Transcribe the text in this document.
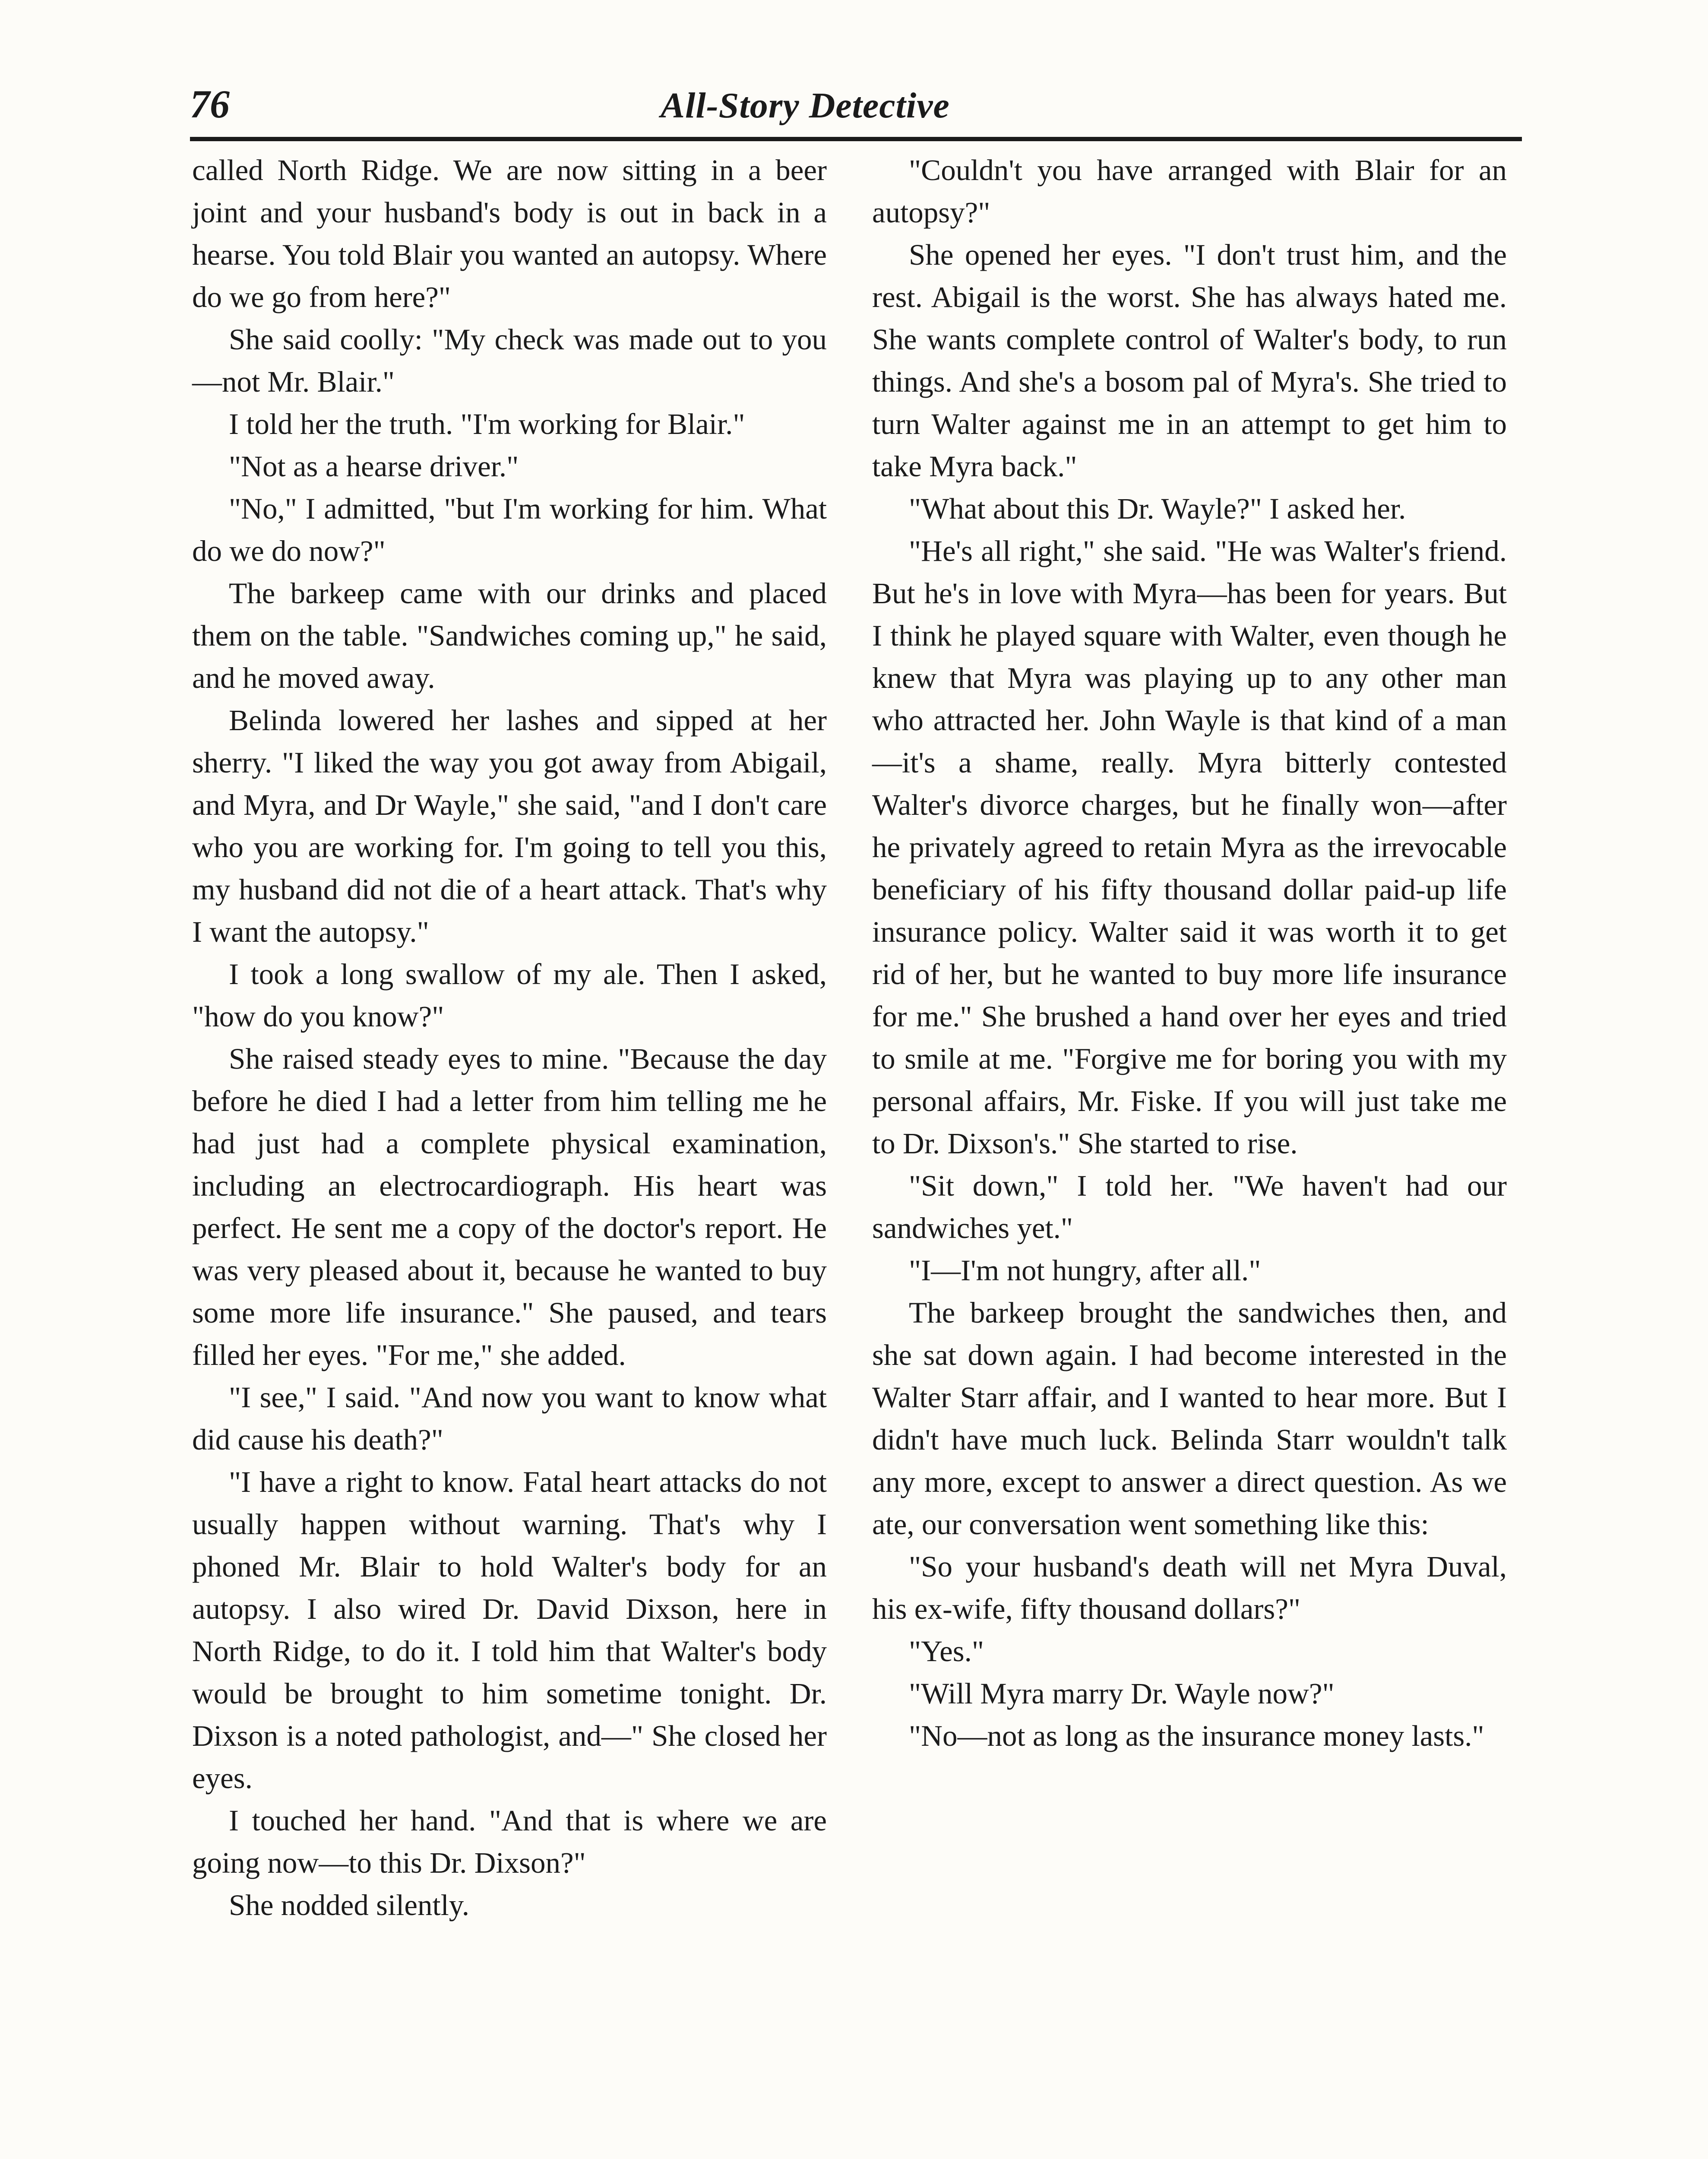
76	All-Story Detective

called North Ridge. We are now sitting in a beer joint and your husband's body is out in back in a hearse. You told Blair you wanted an autopsy. Where do we go from here?"

She said coolly: "My check was made out to you—not Mr. Blair."

I told her the truth. "I'm working for Blair."

"Not as a hearse driver."

"No," I admitted, "but I'm working for him. What do we do now?"

The barkeep came with our drinks and placed them on the table. "Sandwiches coming up," he said, and he moved away.

Belinda lowered her lashes and sipped at her sherry. "I liked the way you got away from Abigail, and Myra, and Dr Wayle," she said, "and I don't care who you are working for. I'm going to tell you this, my husband did not die of a heart attack. That's why I want the autopsy."

I took a long swallow of my ale. Then I asked, "how do you know?"

She raised steady eyes to mine. "Because the day before he died I had a letter from him telling me he had just had a complete physical examination, including an electrocardiograph. His heart was perfect. He sent me a copy of the doctor's report. He was very pleased about it, because he wanted to buy some more life insurance." She paused, and tears filled her eyes. "For me," she added.

"I see," I said. "And now you want to know what did cause his death?"

"I have a right to know. Fatal heart attacks do not usually happen without warning. That's why I phoned Mr. Blair to hold Walter's body for an autopsy. I also wired Dr. David Dixson, here in North Ridge, to do it. I told him that Walter's body would be brought to him sometime tonight. Dr. Dixson is a noted pathologist, and—" She closed her eyes.

I touched her hand. "And that is where we are going now—to this Dr. Dixson?"

She nodded silently.

"Couldn't you have arranged with Blair for an autopsy?"

She opened her eyes. "I don't trust him, and the rest. Abigail is the worst. She has always hated me. She wants complete control of Walter's body, to run things. And she's a bosom pal of Myra's. She tried to turn Walter against me in an attempt to get him to take Myra back."

"What about this Dr. Wayle?" I asked her.

"He's all right," she said. "He was Walter's friend. But he's in love with Myra—has been for years. But I think he played square with Walter, even though he knew that Myra was playing up to any other man who attracted her. John Wayle is that kind of a man—it's a shame, really. Myra bitterly contested Walter's divorce charges, but he finally won—after he privately agreed to retain Myra as the irrevocable beneficiary of his fifty thousand dollar paid-up life insurance policy. Walter said it was worth it to get rid of her, but he wanted to buy more life insurance for me." She brushed a hand over her eyes and tried to smile at me. "Forgive me for boring you with my personal affairs, Mr. Fiske. If you will just take me to Dr. Dixson's." She started to rise.

"Sit down," I told her. "We haven't had our sandwiches yet."

"I—I'm not hungry, after all."

The barkeep brought the sandwiches then, and she sat down again. I had become interested in the Walter Starr affair, and I wanted to hear more. But I didn't have much luck. Belinda Starr wouldn't talk any more, except to answer a direct question. As we ate, our conversation went something like this:

"So your husband's death will net Myra Duval, his ex-wife, fifty thousand dollars?"

"Yes."

"Will Myra marry Dr. Wayle now?"

"No—not as long as the insurance money lasts."
